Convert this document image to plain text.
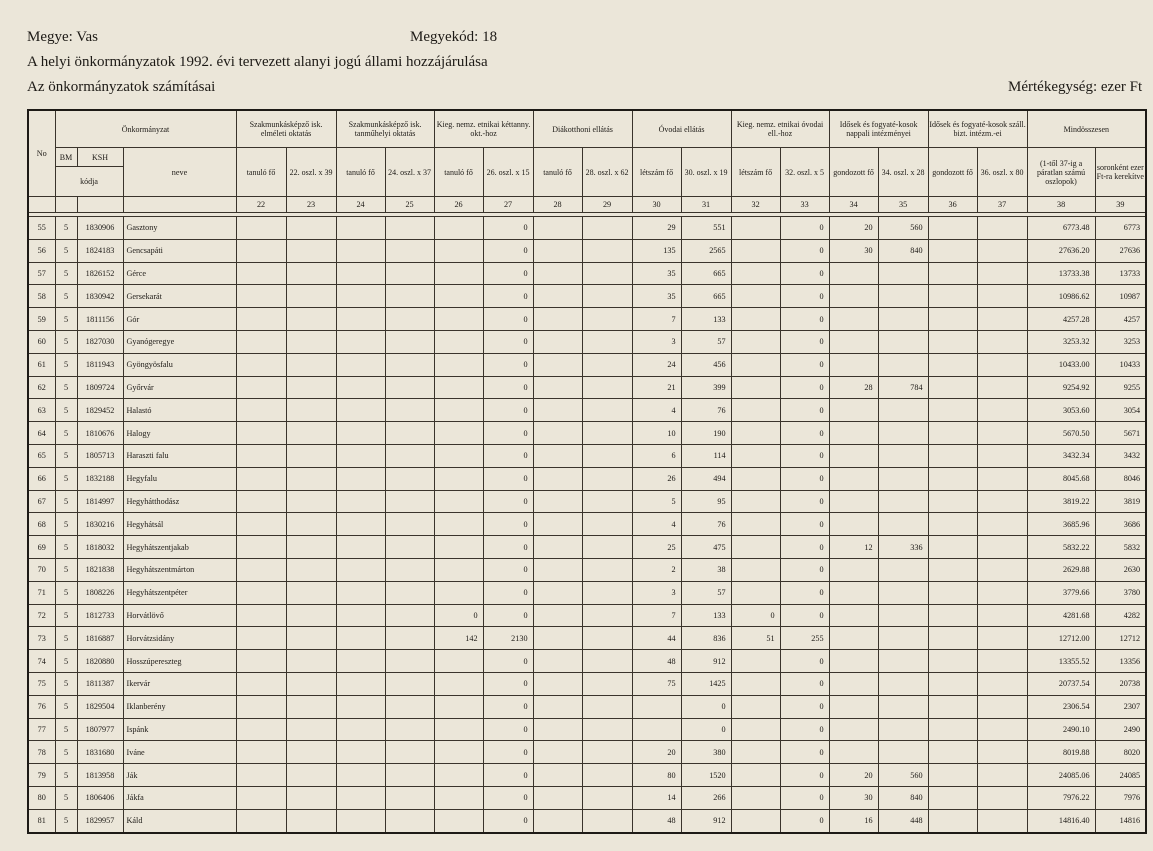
Megye: Vas	Megyekód: 18
A helyi önkormányzatok 1992. évi tervezett alanyi jogú állami hozzájárulása
Az önkormányzatok számításai	Mértékegység: ezer Ft
No	Önkormányzat			Szakmunkásképző isk. elméleti oktatás		Szakmunkásképző isk. tanműhelyi oktatás		Kieg. nemz. etnikai kéttanny. okt.-hoz		Diákotthoni ellátás		Óvodai ellátás		Kieg. nemz. etnikai óvodai ell.-hoz		Idősek és fogyaté-kosok nappali intézményei		Idősek és fogyaté-kosok száll. bizt. intézm.-ei		Mindösszesen	
	BM	KSH	neve	tanuló fő	22. oszl. x 39	tanuló fő	24. oszl. x 37	tanuló fő	26. oszl. x 15	tanuló fő	28. oszl. x 62	létszám fő	30. oszl. x 19	létszám fő	32. oszl. x 5	gondozott fő	34. oszl. x 28	gondozott fő	36. oszl. x 80	(1-től 37-ig a páratlan számú oszlopok)	soronként ezer Ft-ra kerekítve
	kódja																				
				22	23	24	25	26	27	28	29	30	31	32	33	34	35	36	37	38	39

55	5	1830906	Gasztony						0			29	551		0	20	560			6773.48	6773
56	5	1824183	Gencsapáti						0			135	2565		0	30	840			27636.20	27636
57	5	1826152	Gérce						0			35	665		0					13733.38	13733
58	5	1830942	Gersekarát						0			35	665		0					10986.62	10987
59	5	1811156	Gór						0			7	133		0					4257.28	4257
60	5	1827030	Gyanógeregye						0			3	57		0					3253.32	3253
61	5	1811943	Gyöngyösfalu						0			24	456		0					10433.00	10433
62	5	1809724	Győrvár						0			21	399		0	28	784			9254.92	9255
63	5	1829452	Halastó						0			4	76		0					3053.60	3054
64	5	1810676	Halogy						0			10	190		0					5670.50	5671
65	5	1805713	Haraszti falu						0			6	114		0					3432.34	3432
66	5	1832188	Hegyfalu						0			26	494		0					8045.68	8046
67	5	1814997	Hegyhátthodász						0			5	95		0					3819.22	3819
68	5	1830216	Hegyhátsál						0			4	76		0					3685.96	3686
69	5	1818032	Hegyhátszentjakab						0			25	475		0	12	336			5832.22	5832
70	5	1821838	Hegyhátszentmárton						0			2	38		0					2629.88	2630
71	5	1808226	Hegyhátszentpéter						0			3	57		0					3779.66	3780
72	5	1812733	Horvátlövő					0	0			7	133	0	0					4281.68	4282
73	5	1816887	Horvátzsidány					142	2130			44	836	51	255					12712.00	12712
74	5	1820880	Hosszúpereszteg						0			48	912		0					13355.52	13356
75	5	1811387	Ikervár						0			75	1425		0					20737.54	20738
76	5	1829504	Iklanberény						0				0		0					2306.54	2307
77	5	1807977	Ispánk						0				0		0					2490.10	2490
78	5	1831680	Iváne						0			20	380		0					8019.88	8020
79	5	1813958	Ják						0			80	1520		0	20	560			24085.06	24085
80	5	1806406	Jákfa						0			14	266		0	30	840			7976.22	7976
81	5	1829957	Káld						0			48	912		0	16	448			14816.40	14816
